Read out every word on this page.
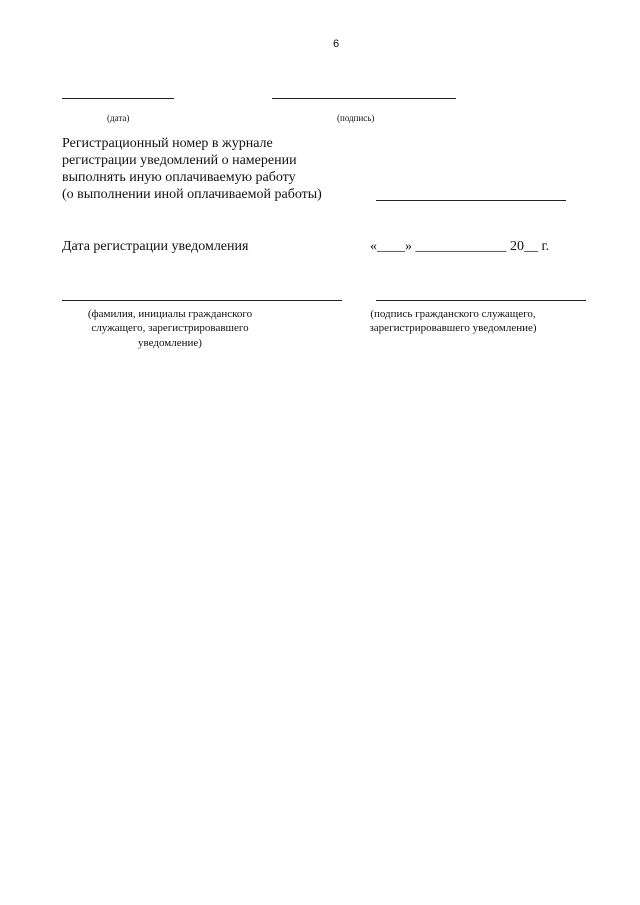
6
(дата)	(подпись)
Регистрационный номер в журнале
регистрации уведомлений о намерении
выполнять иную оплачиваемую работу
(о выполнении иной оплачиваемой работы)
Дата регистрации уведомления	«____» _____________ 20__ г.
(фамилия, инициалы гражданского
служащего, зарегистрировавшего
уведомление)
(подпись гражданского служащего,
зарегистрировавшего уведомление)
